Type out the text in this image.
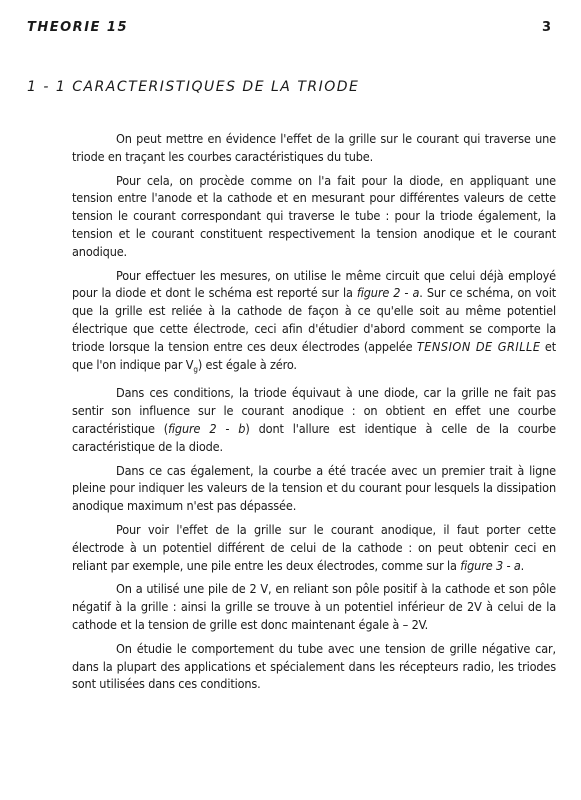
THEORIE 15	3
1 - 1 CARACTERISTIQUES DE LA TRIODE

On peut mettre en évidence l'effet de la grille sur le courant qui traverse une triode en traçant les courbes caractéristiques du tube.

Pour cela, on procède comme on l'a fait pour la diode, en appliquant une tension entre l'anode et la cathode et en mesurant pour différentes valeurs de cette tension le courant correspondant qui traverse le tube : pour la triode également, la tension et le courant constituent respectivement la tension anodique et le courant anodique.

Pour effectuer les mesures, on utilise le même circuit que celui déjà employé pour la diode et dont le schéma est reporté sur la figure 2 - a. Sur ce schéma, on voit que la grille est reliée à la cathode de façon à ce qu'elle soit au même potentiel électrique que cette électrode, ceci afin d'étudier d'abord comment se comporte la triode lorsque la tension entre ces deux électrodes (appelée TENSION DE GRILLE et que l'on indique par $V_g$) est égale à zéro.

Dans ces conditions, la triode équivaut à une diode, car la grille ne fait pas sentir son influence sur le courant anodique : on obtient en effet une courbe caractéristique (figure 2 - b) dont l'allure est identique à celle de la courbe caractéristique de la diode.

Dans ce cas également, la courbe a été tracée avec un premier trait à ligne pleine pour indiquer les valeurs de la tension et du courant pour lesquels la dissipation anodique maximum n'est pas dépassée.

Pour voir l'effet de la grille sur le courant anodique, il faut porter cette électrode à un potentiel différent de celui de la cathode : on peut obtenir ceci en reliant par exemple, une pile entre les deux électrodes, comme sur la figure 3 - a.

On a utilisé une pile de 2 V, en reliant son pôle positif à la cathode et son pôle négatif à la grille : ainsi la grille se trouve à un potentiel inférieur de 2V à celui de la cathode et la tension de grille est donc maintenant égale à – 2V.

On étudie le comportement du tube avec une tension de grille négative car, dans la plupart des applications et spécialement dans les récepteurs radio, les triodes sont utilisées dans ces conditions.
